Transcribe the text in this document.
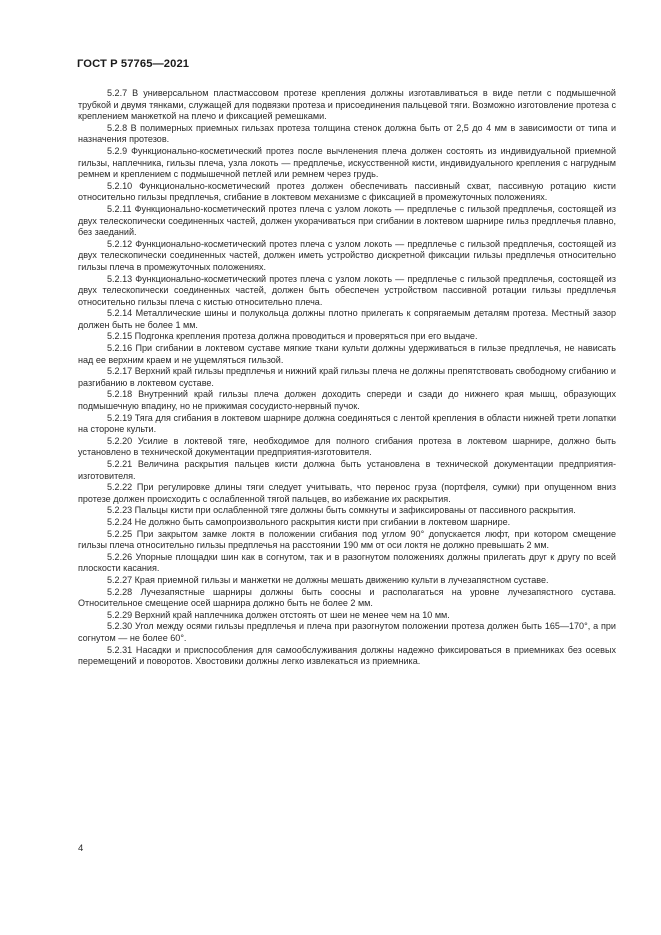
ГОСТ Р 57765—2021

5.2.7 В универсальном пластмассовом протезе крепления должны изготавливаться в виде петли с подмышечной трубкой и двумя тянками, служащей для подвязки протеза и присоединения пальцевой тяги. Возможно изготовление протеза с креплением манжеткой на плечо и фиксацией ремешками.

5.2.8 В полимерных приемных гильзах протеза толщина стенок должна быть от 2,5 до 4 мм в зависимости от типа и назначения протезов.

5.2.9 Функционально-косметический протез после вычленения плеча должен состоять из индивидуальной приемной гильзы, наплечника, гильзы плеча, узла локоть — предплечье, искусственной кисти, индивидуального крепления с нагрудным ремнем и креплением с подмышечной петлей или ремнем через грудь.

5.2.10 Функционально-косметический протез должен обеспечивать пассивный схват, пассивную ротацию кисти относительно гильзы предплечья, сгибание в локтевом механизме с фиксацией в промежуточных положениях.

5.2.11 Функционально-косметический протез плеча с узлом локоть — предплечье с гильзой предплечья, состоящей из двух телескопически соединенных частей, должен укорачиваться при сгибании в локтевом шарнире гильз предплечья плавно, без заеданий.

5.2.12 Функционально-косметический протез плеча с узлом локоть — предплечье с гильзой предплечья, состоящей из двух телескопически соединенных частей, должен иметь устройство дискретной фиксации гильзы предплечья относительно гильзы плеча в промежуточных положениях.

5.2.13 Функционально-косметический протез плеча с узлом локоть — предплечье с гильзой предплечья, состоящей из двух телескопически соединенных частей, должен быть обеспечен устройством пассивной ротации гильзы предплечья относительно гильзы плеча с кистью относительно плеча.

5.2.14 Металлические шины и полукольца должны плотно прилегать к сопрягаемым деталям протеза. Местный зазор должен быть не более 1 мм.

5.2.15 Подгонка крепления протеза должна проводиться и проверяться при его выдаче.

5.2.16 При сгибании в локтевом суставе мягкие ткани культи должны удерживаться в гильзе предплечья, не нависать над ее верхним краем и не ущемляться гильзой.

5.2.17 Верхний край гильзы предплечья и нижний край гильзы плеча не должны препятствовать свободному сгибанию и разгибанию в локтевом суставе.

5.2.18 Внутренний край гильзы плеча должен доходить спереди и сзади до нижнего края мышц, образующих подмышечную впадину, но не прижимая сосудисто-нервный пучок.

5.2.19 Тяга для сгибания в локтевом шарнире должна соединяться с лентой крепления в области нижней трети лопатки на стороне культи.

5.2.20 Усилие в локтевой тяге, необходимое для полного сгибания протеза в локтевом шарнире, должно быть установлено в технической документации предприятия-изготовителя.

5.2.21 Величина раскрытия пальцев кисти должна быть установлена в технической документации предприятия-изготовителя.

5.2.22 При регулировке длины тяги следует учитывать, что перенос груза (портфеля, сумки) при опущенном вниз протезе должен происходить с ослабленной тягой пальцев, во избежание их раскрытия.

5.2.23 Пальцы кисти при ослабленной тяге должны быть сомкнуты и зафиксированы от пассивного раскрытия.

5.2.24 Не должно быть самопроизвольного раскрытия кисти при сгибании в локтевом шарнире.

5.2.25 При закрытом замке локтя в положении сгибания под углом 90° допускается люфт, при котором смещение гильзы плеча относительно гильзы предплечья на расстоянии 190 мм от оси локтя не должно превышать 2 мм.

5.2.26 Упорные площадки шин как в согнутом, так и в разогнутом положениях должны прилегать друг к другу по всей плоскости касания.

5.2.27 Края приемной гильзы и манжетки не должны мешать движению культи в лучезапястном суставе.

5.2.28 Лучезапястные шарниры должны быть соосны и располагаться на уровне лучезапястного сустава. Относительное смещение осей шарнира должно быть не более 2 мм.

5.2.29 Верхний край наплечника должен отстоять от шеи не менее чем на 10 мм.

5.2.30 Угол между осями гильзы предплечья и плеча при разогнутом положении протеза должен быть 165—170°, а при согнутом — не более 60°.

5.2.31 Насадки и приспособления для самообслуживания должны надежно фиксироваться в приемниках без осевых перемещений и поворотов. Хвостовики должны легко извлекаться из приемника.

4
